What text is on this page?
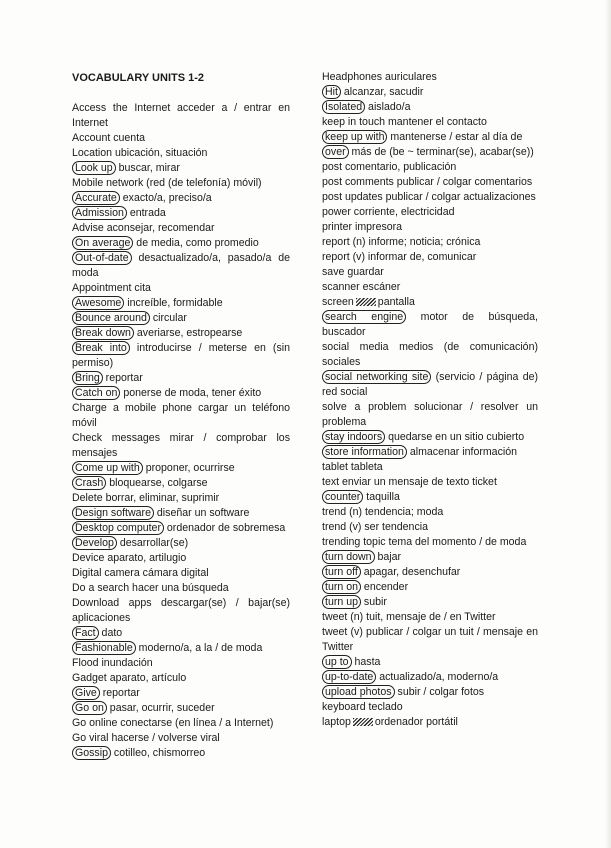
VOCABULARY UNITS 1-2
Access the Internet acceder a / entrar en Internet
Account cuenta
Location ubicación, situación
Look up buscar, mirar
Mobile network (red (de telefonía) móvil)
Accurate exacto/a, preciso/a
Admission entrada
Advise aconsejar, recomendar
On average de media, como promedio
Out-of-date desactualizado/a, pasado/a de moda
Appointment cita
Awesome increíble, formidable
Bounce around circular
Break down averiarse, estropearse
Break into introducirse / meterse en (sin permiso)
Bring reportar
Catch on ponerse de moda, tener éxito
Charge a mobile phone cargar un teléfono móvil
Check messages mirar / comprobar los mensajes
Come up with proponer, ocurrirse
Crash bloquearse, colgarse
Delete borrar, eliminar, suprimir
Design software diseñar un software
Desktop computer ordenador de sobremesa
Develop desarrollar(se)
Device aparato, artilugio
Digital camera cámara digital
Do a search hacer una búsqueda
Download apps descargar(se) / bajar(se) aplicaciones
Fact dato
Fashionable moderno/a, a la / de moda
Flood inundación
Gadget aparato, artículo
Give reportar
Go on pasar, ocurrir, suceder
Go online conectarse (en línea / a Internet)
Go viral hacerse / volverse viral
Gossip cotilleo, chismorreo
Headphones auriculares
Hit alcanzar, sacudir
Isolated aislado/a
keep in touch mantener el contacto
keep up with mantenerse / estar al día de
over más de (be ~ terminar(se), acabar(se))
post comentario, publicación
post comments publicar / colgar comentarios
post updates publicar / colgar actualizaciones
power corriente, electricidad
printer impresora
report (n) informe; noticia; crónica
report (v) informar de, comunicar
save guardar
scanner escáner
screen pantalla
search engine motor de búsqueda, buscador
social media medios (de comunicación) sociales
social networking site (servicio / página de) red social
solve a problem solucionar / resolver un problema
stay indoors quedarse en un sitio cubierto
store information almacenar información
tablet tableta
text enviar un mensaje de texto ticket
counter taquilla
trend (n) tendencia; moda
trend (v) ser tendencia
trending topic tema del momento / de moda
turn down bajar
turn off apagar, desenchufar
turn on encender
turn up subir
tweet (n) tuit, mensaje de / en Twitter
tweet (v) publicar / colgar un tuit / mensaje en Twitter
up to hasta
up-to-date actualizado/a, moderno/a
upload photos subir / colgar fotos
keyboard teclado
laptop ordenador portátil
